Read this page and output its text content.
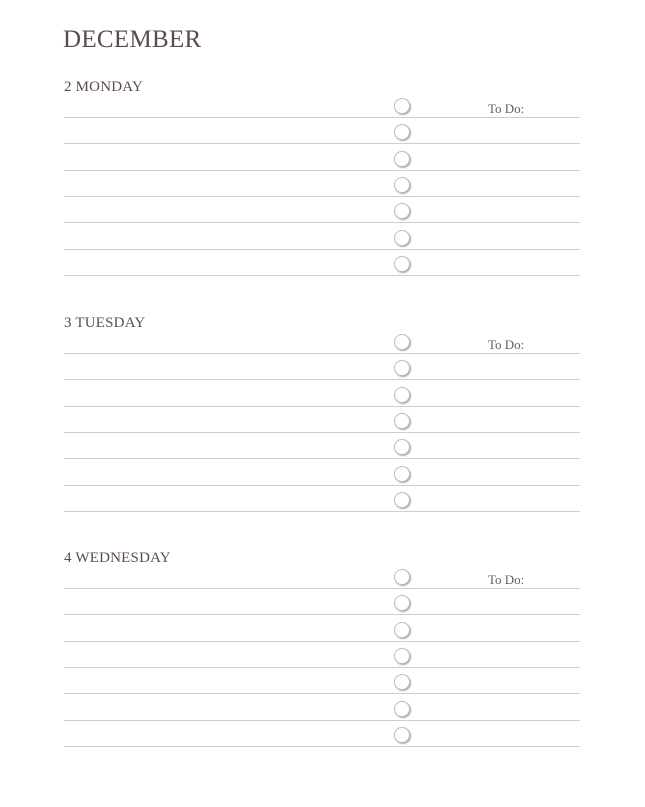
DECEMBER
2 MONDAY
To Do:
3 TUESDAY
To Do:
4 WEDNESDAY
To Do:
